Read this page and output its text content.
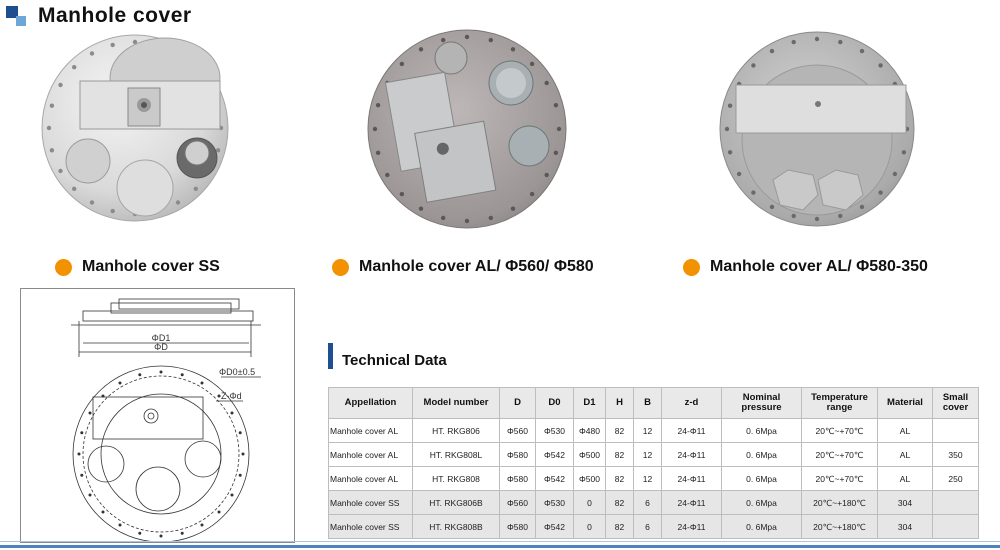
Manhole cover
Manhole cover SS	Manhole cover AL/ Φ560/ Φ580	Manhole cover AL/ Φ580-350
ΦD1
ΦD
ΦD0±0.5
Z-Φd
Technical Data
Appellation	Model number	D	D0	D1	H	B	z-d	Nominal pressure	Temperature range	Material	Small cover
Manhole cover AL	HT. RKG806	Φ560	Φ530	Φ480	82	12	24-Φ11	0. 6Mpa	20℃~+70℃	AL	
Manhole cover AL	HT. RKG808L	Φ580	Φ542	Φ500	82	12	24-Φ11	0. 6Mpa	20℃~+70℃	AL	350
Manhole cover AL	HT. RKG808	Φ580	Φ542	Φ500	82	12	24-Φ11	0. 6Mpa	20℃~+70℃	AL	250
Manhole cover SS	HT. RKG806B	Φ560	Φ530	0	82	6	24-Φ11	0. 6Mpa	20℃~+180℃	304	
Manhole cover SS	HT. RKG808B	Φ580	Φ542	0	82	6	24-Φ11	0. 6Mpa	20℃~+180℃	304	
